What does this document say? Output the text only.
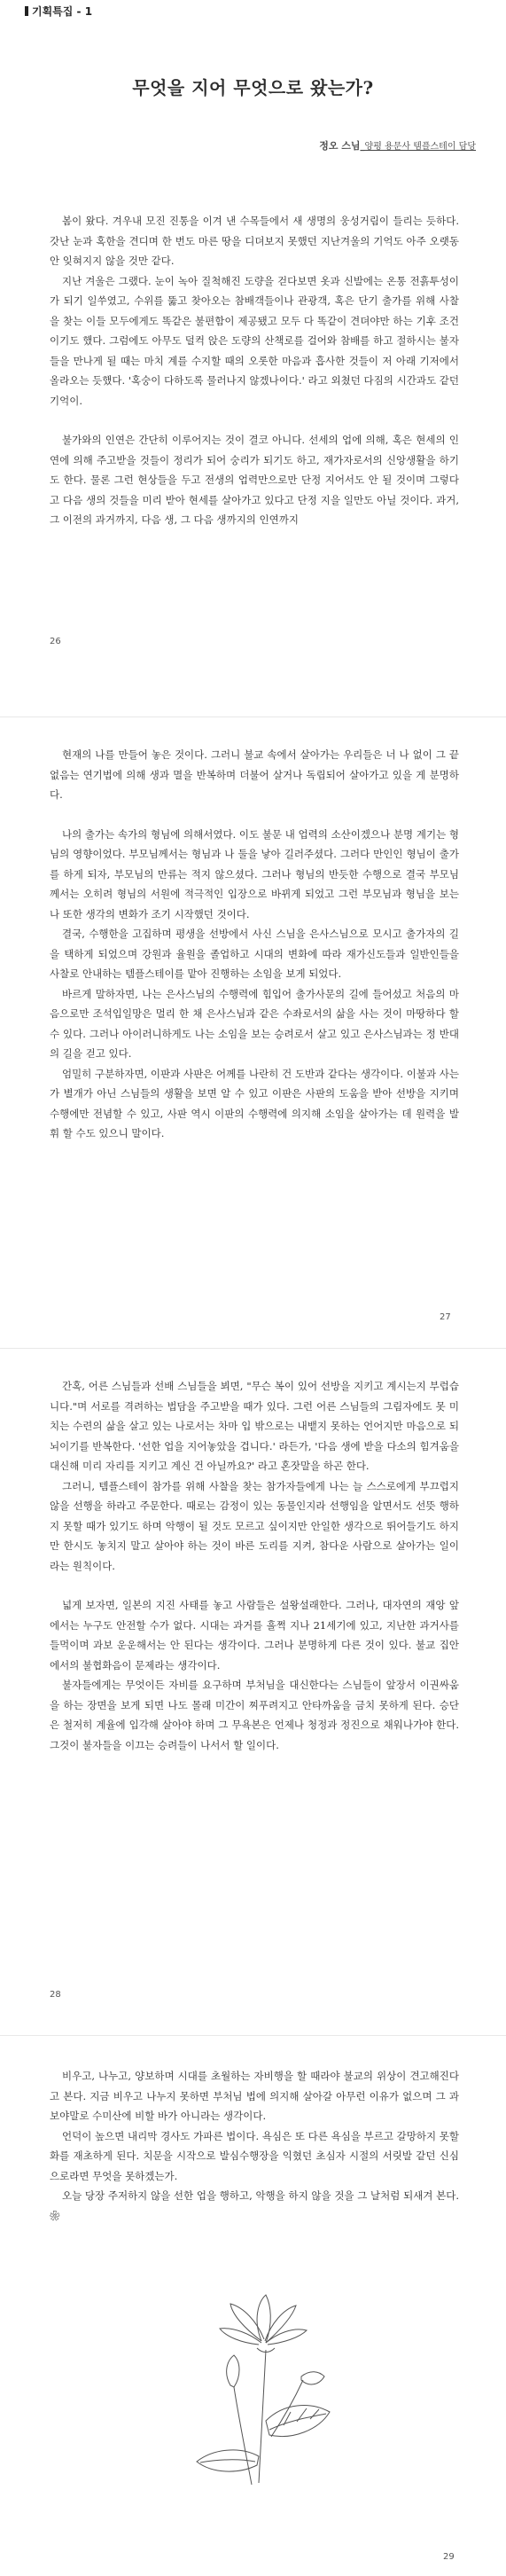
기획특집 - 1
무엇을 지어 무엇으로 왔는가?
정오 스님_양평 용문사 템플스테이 담당

봄이 왔다. 겨우내 모진 진통을 이겨 낸 수목들에서 새 생명의 웅성거림이 들리는 듯하다. 갓난 눈과 혹한을 견디며 한 번도 마른 땅을 디뎌보지 못했던 지난겨울의 기억도 아주 오랫동안 잊혀지지 않을 것만 같다.

지난 겨울은 그랬다. 눈이 녹아 질척해진 도량을 걷다보면 옷과 신발에는 온통 전흙투성이가 되기 일쑤였고, 수위를 뚫고 찾아오는 참배객들이나 관광객, 혹은 단기 출가를 위해 사찰을 찾는 이들 모두에게도 똑같은 불편함이 제공됐고 모두 다 똑같이 견뎌야만 하는 기후 조건이기도 했다. 그럼에도 아무도 덜컥 앉은 도량의 산책로를 걸어와 참배를 하고 절하시는 불자들을 만나게 될 때는 마치 계를 수지할 때의 오롯한 마음과 흡사한 것들이 저 아래 기저에서 올라오는 듯했다. '혹숭이 다하도록 물러나지 않겠나이다.' 라고 외쳤던 다짐의 시간과도 같던 기억이.

불가와의 인연은 간단히 이루어지는 것이 결코 아니다. 선세의 업에 의해, 혹은 현세의 인연에 의해 주고받을 것들이 정리가 되어 숭리가 되기도 하고, 재가자로서의 신앙생활을 하기도 한다. 물론 그런 현상들을 두고 전생의 업력만으로만 단정 지어서도 안 될 것이며 그렇다고 다음 생의 것들을 미리 받아 현세를 살아가고 있다고 단정 지을 일만도 아닐 것이다. 과거, 그 이전의 과거까지, 다음 생, 그 다음 생까지의 인연까지

26

현재의 나를 만들어 놓은 것이다. 그러니 불교 속에서 살아가는 우리들은 너 나 없이 그 끝없음는 연기법에 의해 생과 멸을 반복하며 더불어 살거나 독립되어 살아가고 있을 게 분명하다.

나의 출가는 속가의 형님에 의해서였다. 이도 불문 내 업력의 소산이겠으나 분명 계기는 형님의 영향이었다. 부모님께서는 형님과 나 둘을 낳아 길러주셨다. 그러다 만인인 형님이 출가를 하게 되자, 부모님의 만류는 적지 않으셨다. 그러나 형님의 반듯한 수행으로 결국 부모님께서는 오히려 형님의 서원에 적극적인 입장으로 바뀌게 되었고 그런 부모님과 형님을 보는 나 또한 생각의 변화가 조기 시작했던 것이다.

결국, 수행한을 고집하며 평생을 선방에서 사신 스님을 은사스님으로 모시고 출가자의 길을 택하게 되었으며 강원과 율원을 졸업하고 시대의 변화에 따라 재가신도들과 일반인들을 사찰로 안내하는 템플스테이를 맡아 진행하는 소임을 보게 되었다.

바르게 말하자면, 나는 은사스님의 수행력에 힘입어 출가사문의 길에 들어섰고 처음의 마음으로만 조석입일망은 멀리 한 채 은사스님과 같은 수좌로서의 삶을 사는 것이 마땅하다 할 수 있다. 그러나 아이러니하게도 나는 소임을 보는 승려로서 살고 있고 은사스님과는 정 반대의 길을 걷고 있다.

엄밀히 구분하자면, 이판과 사판은 어께를 나란히 건 도반과 같다는 생각이다. 이불과 사는가 별개가 아닌 스님들의 생활을 보면 알 수 있고 이판은 사판의 도움을 받아 선방을 지키며 수행에만 전념할 수 있고, 사판 역시 이판의 수행력에 의지해 소임을 살아가는 데 원력을 발휘 할 수도 있으니 말이다.

27

간혹, 어른 스님들과 선배 스님들을 뵈면, "무슨 복이 있어 선방을 지키고 계시는지 부럽습니다."며 서로를 격려하는 법담을 주고받을 때가 있다. 그런 어른 스님들의 그림자에도 못 미치는 수련의 삶을 살고 있는 나로서는 차마 입 밖으로는 내뱉지 못하는 언어지만 마음으로 되 뇌이기를 반복한다. '선한 업을 지어놓았을 겁니다.' 라든가, '다음 생에 받을 다소의 힘겨움을 대신해 미리 자리를 지키고 계신 건 아닐까요?' 라고 혼잣말을 하곤 한다.

그러니, 템플스테이 참가를 위해 사찰을 찾는 참가자들에게 나는 늘 스스로에게 부끄럽지 않을 선행을 하라고 주문한다. 때로는 감정이 있는 동물인지라 선행임을 알면서도 선뜻 행하지 못할 때가 있기도 하며 악행이 될 것도 모르고 싶이지만 안일한 생각으로 뛰어들기도 하지만 한시도 놓치지 말고 살아야 하는 것이 바른 도리를 지켜, 참다운 사람으로 살아가는 일이라는 원칙이다.

넓게 보자면, 일본의 지진 사태를 놓고 사람들은 설왕설래한다. 그러나, 대자연의 재앙 앞에서는 누구도 안전할 수가 없다. 시대는 과거를 흘쩍 지나 21세기에 있고, 지난한 과거사를 들먹이며 과보 운운해서는 안 된다는 생각이다. 그러나 분명하게 다른 것이 있다. 불교 집안에서의 불협화음이 문제라는 생각이다.

불자들에게는 무엇이든 자비를 요구하며 부처님을 대신한다는 스님들이 앞장서 이권싸움을 하는 장면을 보게 되면 나도 몰래 미간이 찌푸려지고 안타까움을 금치 못하게 된다. 승단은 철저히 계율에 입각해 살아야 하며 그 무욕본은 언제나 청정과 정진으로 채워나가야 한다. 그것이 불자들을 이끄는 승려들이 나서서 할 일이다.

28

비우고, 나누고, 양보하며 시대를 초월하는 자비행을 할 때라야 불교의 위상이 견고해진다고 본다. 지금 비우고 나누지 못하면 부처님 법에 의지해 살아갈 아무런 이유가 없으며 그 과보야말로 수미산에 비할 바가 아니라는 생각이다.

언덕이 높으면 내리막 경사도 가파른 법이다. 욕심은 또 다른 욕심을 부르고 갈망하지 못할 화를 재초하게 된다. 치문을 시작으로 발심수행장을 익혔던 초심자 시절의 서릿발 같던 신심으로라면 무엇을 못하겠는가.

오늘 당장 주저하지 않을 선한 업을 행하고, 악행을 하지 않을 것을 그 날처럼 되새겨 본다. ❀

29
